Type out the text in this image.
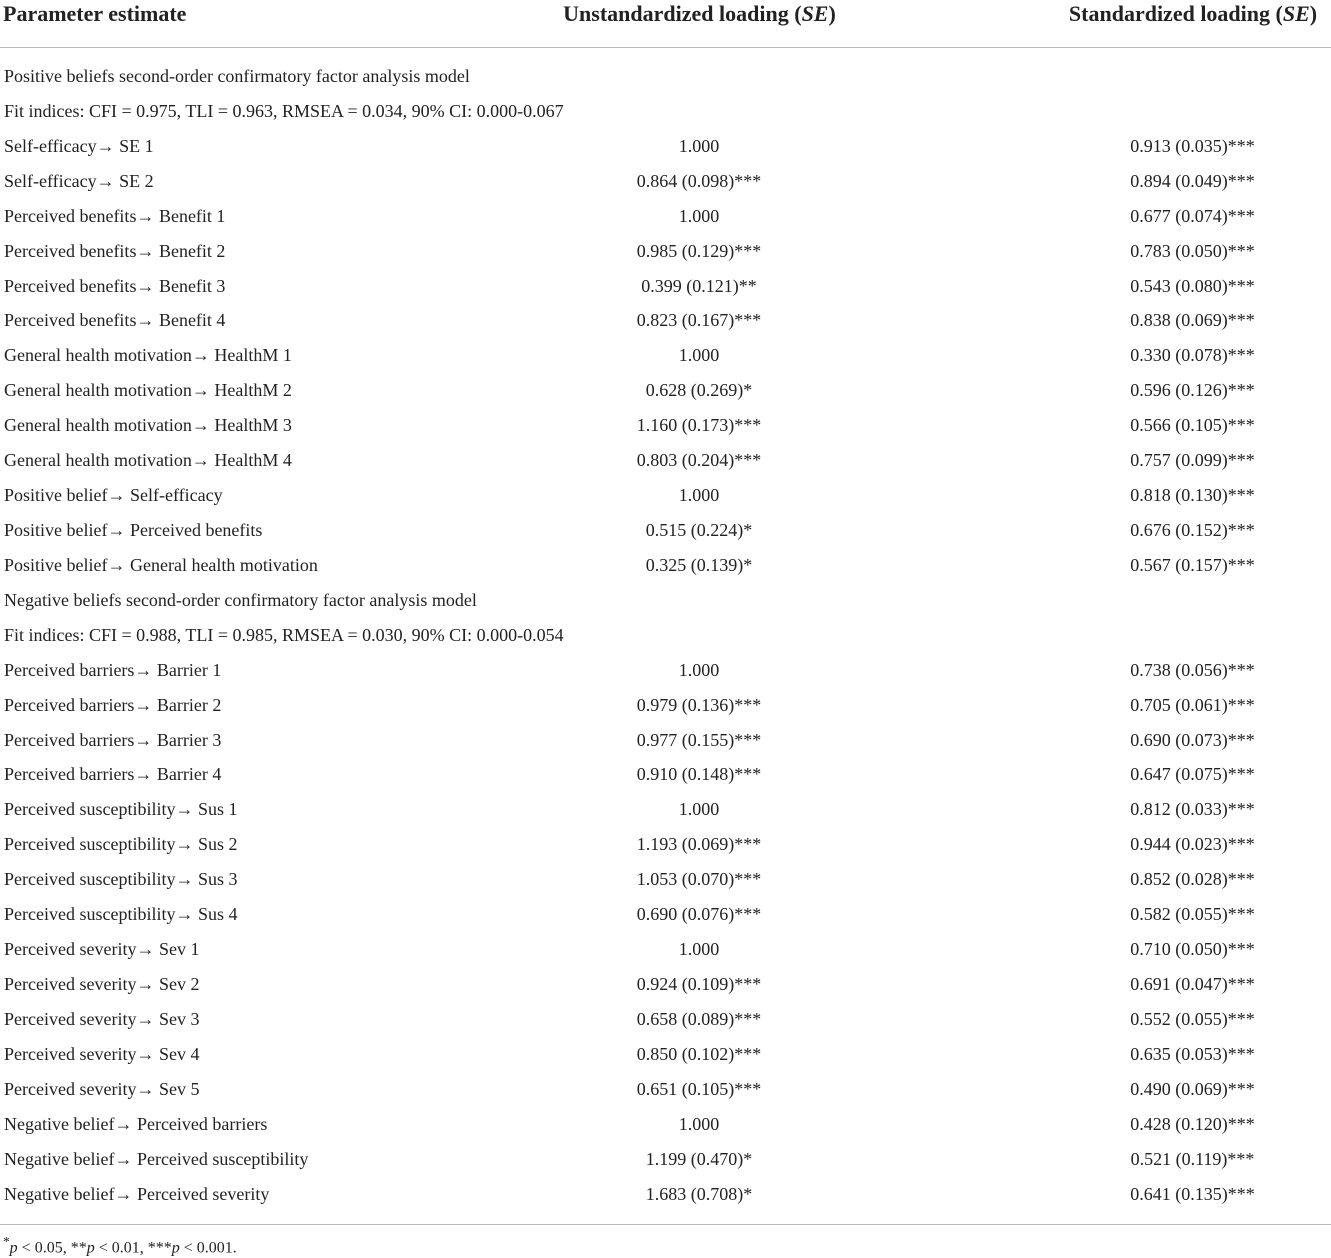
Parameter estimate	Unstandardized loading (SE)	Standardized loading (SE)
Positive beliefs second-order confirmatory factor analysis model
Fit indices: CFI = 0.975, TLI = 0.963, RMSEA = 0.034, 90% CI: 0.000-0.067
Self-efficacy→ SE 1	1.000	0.913 (0.035)***
Self-efficacy→ SE 2	0.864 (0.098)***	0.894 (0.049)***
Perceived benefits→ Benefit 1	1.000	0.677 (0.074)***
Perceived benefits→ Benefit 2	0.985 (0.129)***	0.783 (0.050)***
Perceived benefits→ Benefit 3	0.399 (0.121)**	0.543 (0.080)***
Perceived benefits→ Benefit 4	0.823 (0.167)***	0.838 (0.069)***
General health motivation→ HealthM 1	1.000	0.330 (0.078)***
General health motivation→ HealthM 2	0.628 (0.269)*	0.596 (0.126)***
General health motivation→ HealthM 3	1.160 (0.173)***	0.566 (0.105)***
General health motivation→ HealthM 4	0.803 (0.204)***	0.757 (0.099)***
Positive belief→ Self-efficacy	1.000	0.818 (0.130)***
Positive belief→ Perceived benefits	0.515 (0.224)*	0.676 (0.152)***
Positive belief→ General health motivation	0.325 (0.139)*	0.567 (0.157)***
Negative beliefs second-order confirmatory factor analysis model
Fit indices: CFI = 0.988, TLI = 0.985, RMSEA = 0.030, 90% CI: 0.000-0.054
Perceived barriers→ Barrier 1	1.000	0.738 (0.056)***
Perceived barriers→ Barrier 2	0.979 (0.136)***	0.705 (0.061)***
Perceived barriers→ Barrier 3	0.977 (0.155)***	0.690 (0.073)***
Perceived barriers→ Barrier 4	0.910 (0.148)***	0.647 (0.075)***
Perceived susceptibility→ Sus 1	1.000	0.812 (0.033)***
Perceived susceptibility→ Sus 2	1.193 (0.069)***	0.944 (0.023)***
Perceived susceptibility→ Sus 3	1.053 (0.070)***	0.852 (0.028)***
Perceived susceptibility→ Sus 4	0.690 (0.076)***	0.582 (0.055)***
Perceived severity→ Sev 1	1.000	0.710 (0.050)***
Perceived severity→ Sev 2	0.924 (0.109)***	0.691 (0.047)***
Perceived severity→ Sev 3	0.658 (0.089)***	0.552 (0.055)***
Perceived severity→ Sev 4	0.850 (0.102)***	0.635 (0.053)***
Perceived severity→ Sev 5	0.651 (0.105)***	0.490 (0.069)***
Negative belief→ Perceived barriers	1.000	0.428 (0.120)***
Negative belief→ Perceived susceptibility	1.199 (0.470)*	0.521 (0.119)***
Negative belief→ Perceived severity	1.683 (0.708)*	0.641 (0.135)***
*p < 0.05, **p < 0.01, ***p < 0.001.
